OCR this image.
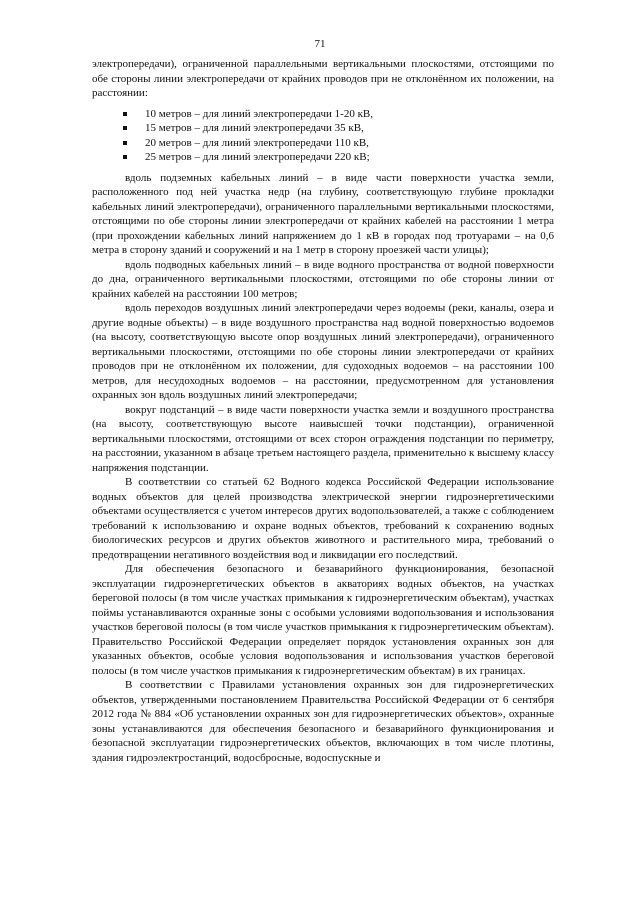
71

электропередачи), ограниченной параллельными вертикальными плоскостями, отстоящими по обе стороны линии электропередачи от крайних проводов при не отклонённом их положении, на расстоянии:

10 метров – для линий электропередачи 1-20 кВ,
15 метров – для линий электропередачи 35 кВ,
20 метров – для линий электропередачи 110 кВ,
25 метров – для линий электропередачи 220 кВ;

вдоль подземных кабельных линий – в виде части поверхности участка земли, расположенного под ней участка недр (на глубину, соответствующую глубине прокладки кабельных линий электропередачи), ограниченного параллельными вертикальными плоскостями, отстоящими по обе стороны линии электропередачи от крайних кабелей на расстоянии 1 метра (при прохождении кабельных линий напряжением до 1 кВ в городах под тротуарами – на 0,6 метра в сторону зданий и сооружений и на 1 метр в сторону проезжей части улицы);

вдоль подводных кабельных линий – в виде водного пространства от водной поверхности до дна, ограниченного вертикальными плоскостями, отстоящими по обе стороны линии от крайних кабелей на расстоянии 100 метров;

вдоль переходов воздушных линий электропередачи через водоемы (реки, каналы, озера и другие водные объекты) – в виде воздушного пространства над водной поверхностью водоемов (на высоту, соответствующую высоте опор воздушных линий электропередачи), ограниченного вертикальными плоскостями, отстоящими по обе стороны линии электропередачи от крайних проводов при не отклонённом их положении, для судоходных водоемов – на расстоянии 100 метров, для несудоходных водоемов – на расстоянии, предусмотренном для установления охранных зон вдоль воздушных линий электропередачи;

вокруг подстанций – в виде части поверхности участка земли и воздушного пространства (на высоту, соответствующую высоте наивысшей точки подстанции), ограниченной вертикальными плоскостями, отстоящими от всех сторон ограждения подстанции по периметру, на расстоянии, указанном в абзаце третьем настоящего раздела, применительно к высшему классу напряжения подстанции.

В соответствии со статьей 62 Водного кодекса Российской Федерации использование водных объектов для целей производства электрической энергии гидроэнергетическими объектами осуществляется с учетом интересов других водопользователей, а также с соблюдением требований к использованию и охране водных объектов, требований к сохранению водных биологических ресурсов и других объектов животного и растительного мира, требований о предотвращении негативного воздействия вод и ликвидации его последствий.

Для обеспечения безопасного и безаварийного функционирования, безопасной эксплуатации гидроэнергетических объектов в акваториях водных объектов, на участках береговой полосы (в том числе участках примыкания к гидроэнергетическим объектам), участках поймы устанавливаются охранные зоны с особыми условиями водопользования и использования участков береговой полосы (в том числе участков примыкания к гидроэнергетическим объектам). Правительство Российской Федерации определяет порядок установления охранных зон для указанных объектов, особые условия водопользования и использования участков береговой полосы (в том числе участков примыкания к гидроэнергетическим объектам) в их границах.

В соответствии с Правилами установления охранных зон для гидроэнергетических объектов, утвержденными постановлением Правительства Российской Федерации от 6 сентября 2012 года № 884 «Об установлении охранных зон для гидроэнергетических объектов», охранные зоны устанавливаются для обеспечения безопасного и безаварийного функционирования и безопасной эксплуатации гидроэнергетических объектов, включающих в том числе плотины, здания гидроэлектростанций, водосбросные, водоспускные и
